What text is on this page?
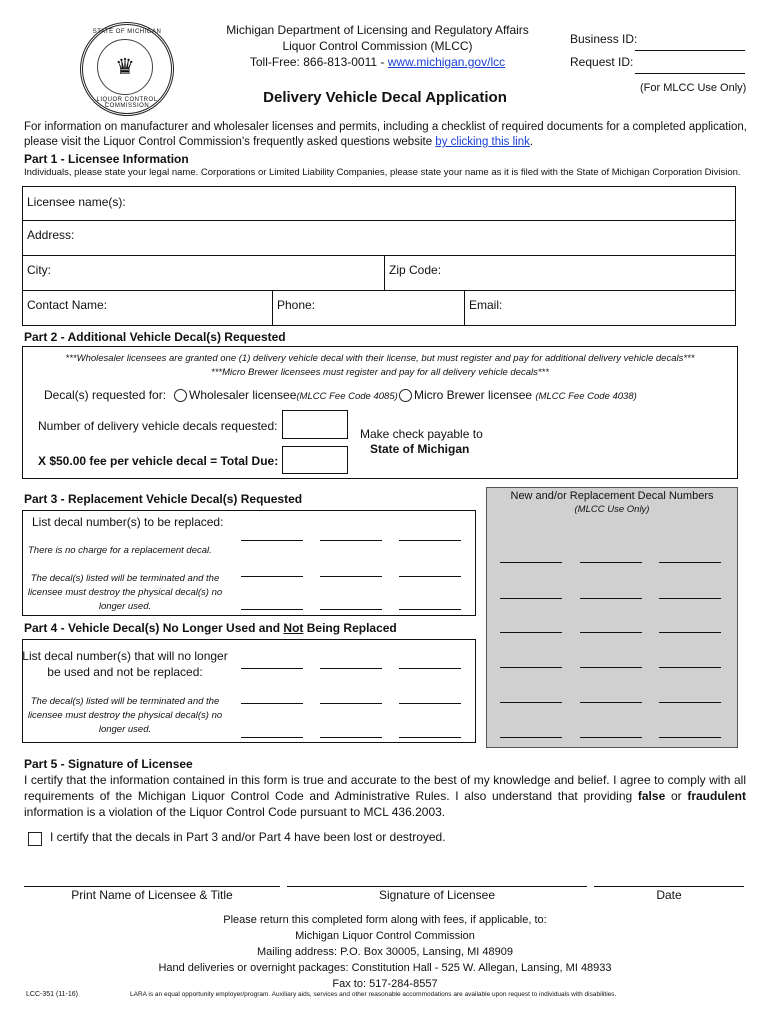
STATE OF MICHIGAN
♛
LIQUOR CONTROL COMMISSION
Michigan Department of Licensing and Regulatory Affairs
Liquor Control Commission (MLCC)
Toll-Free: 866-813-0011 - www.michigan.gov/lcc
Business ID:
Request ID:
(For MLCC Use Only)
Delivery Vehicle Decal Application
For information on manufacturer and wholesaler licenses and permits, including a checklist of required documents for a completed application, please visit the Liquor Control Commission's frequently asked questions website by clicking this link.
Part 1 - Licensee Information
Individuals, please state your legal name. Corporations or Limited Liability Companies, please state your name as it is filed with the State of Michigan Corporation Division.
Licensee name(s):
Address:
City:	Zip Code:
Contact Name:	Phone:	Email:
Part 2 - Additional Vehicle Decal(s) Requested
***Wholesaler licensees are granted one (1) delivery vehicle decal with their license, but must register and pay for additional delivery vehicle decals***
***Micro Brewer licensees must register and pay for all delivery vehicle decals***
Decal(s) requested for:	Wholesaler licensee(MLCC Fee Code 4085)	Micro Brewer licensee (MLCC Fee Code 4038)
Number of delivery vehicle decals requested:
X $50.00 fee per vehicle decal = Total Due:
Make check payable to
State of Michigan
Part 3 - Replacement Vehicle Decal(s) Requested
List decal number(s) to be replaced:
There is no charge for a replacement decal.
The decal(s) listed will be terminated and the licensee must destroy the physical decal(s) no longer used.
New and/or Replacement Decal Numbers
(MLCC Use Only)
Part 4 - Vehicle Decal(s) No Longer Used and Not Being Replaced
List decal number(s) that will no longer be used and not be replaced:
The decal(s) listed will be terminated and the licensee must destroy the physical decal(s) no longer used.
Part 5 - Signature of Licensee
I certify that the information contained in this form is true and accurate to the best of my knowledge and belief. I agree to comply with all requirements of the Michigan Liquor Control Code and Administrative Rules. I also understand that providing false or fraudulent information is a violation of the Liquor Control Code pursuant to MCL 436.2003.
I certify that the decals in Part 3 and/or Part 4 have been lost or destroyed.
Print Name of Licensee & Title	Signature of Licensee	Date
Please return this completed form along with fees, if applicable, to:
Michigan Liquor Control Commission
Mailing address: P.O. Box 30005, Lansing, MI 48909
Hand deliveries or overnight packages: Constitution Hall - 525 W. Allegan, Lansing, MI 48933
Fax to: 517-284-8557
LCC-351 (11-16)	LARA is an equal opportunity employer/program. Auxiliary aids, services and other reasonable accommodations are available upon request to individuals with disabilities.
